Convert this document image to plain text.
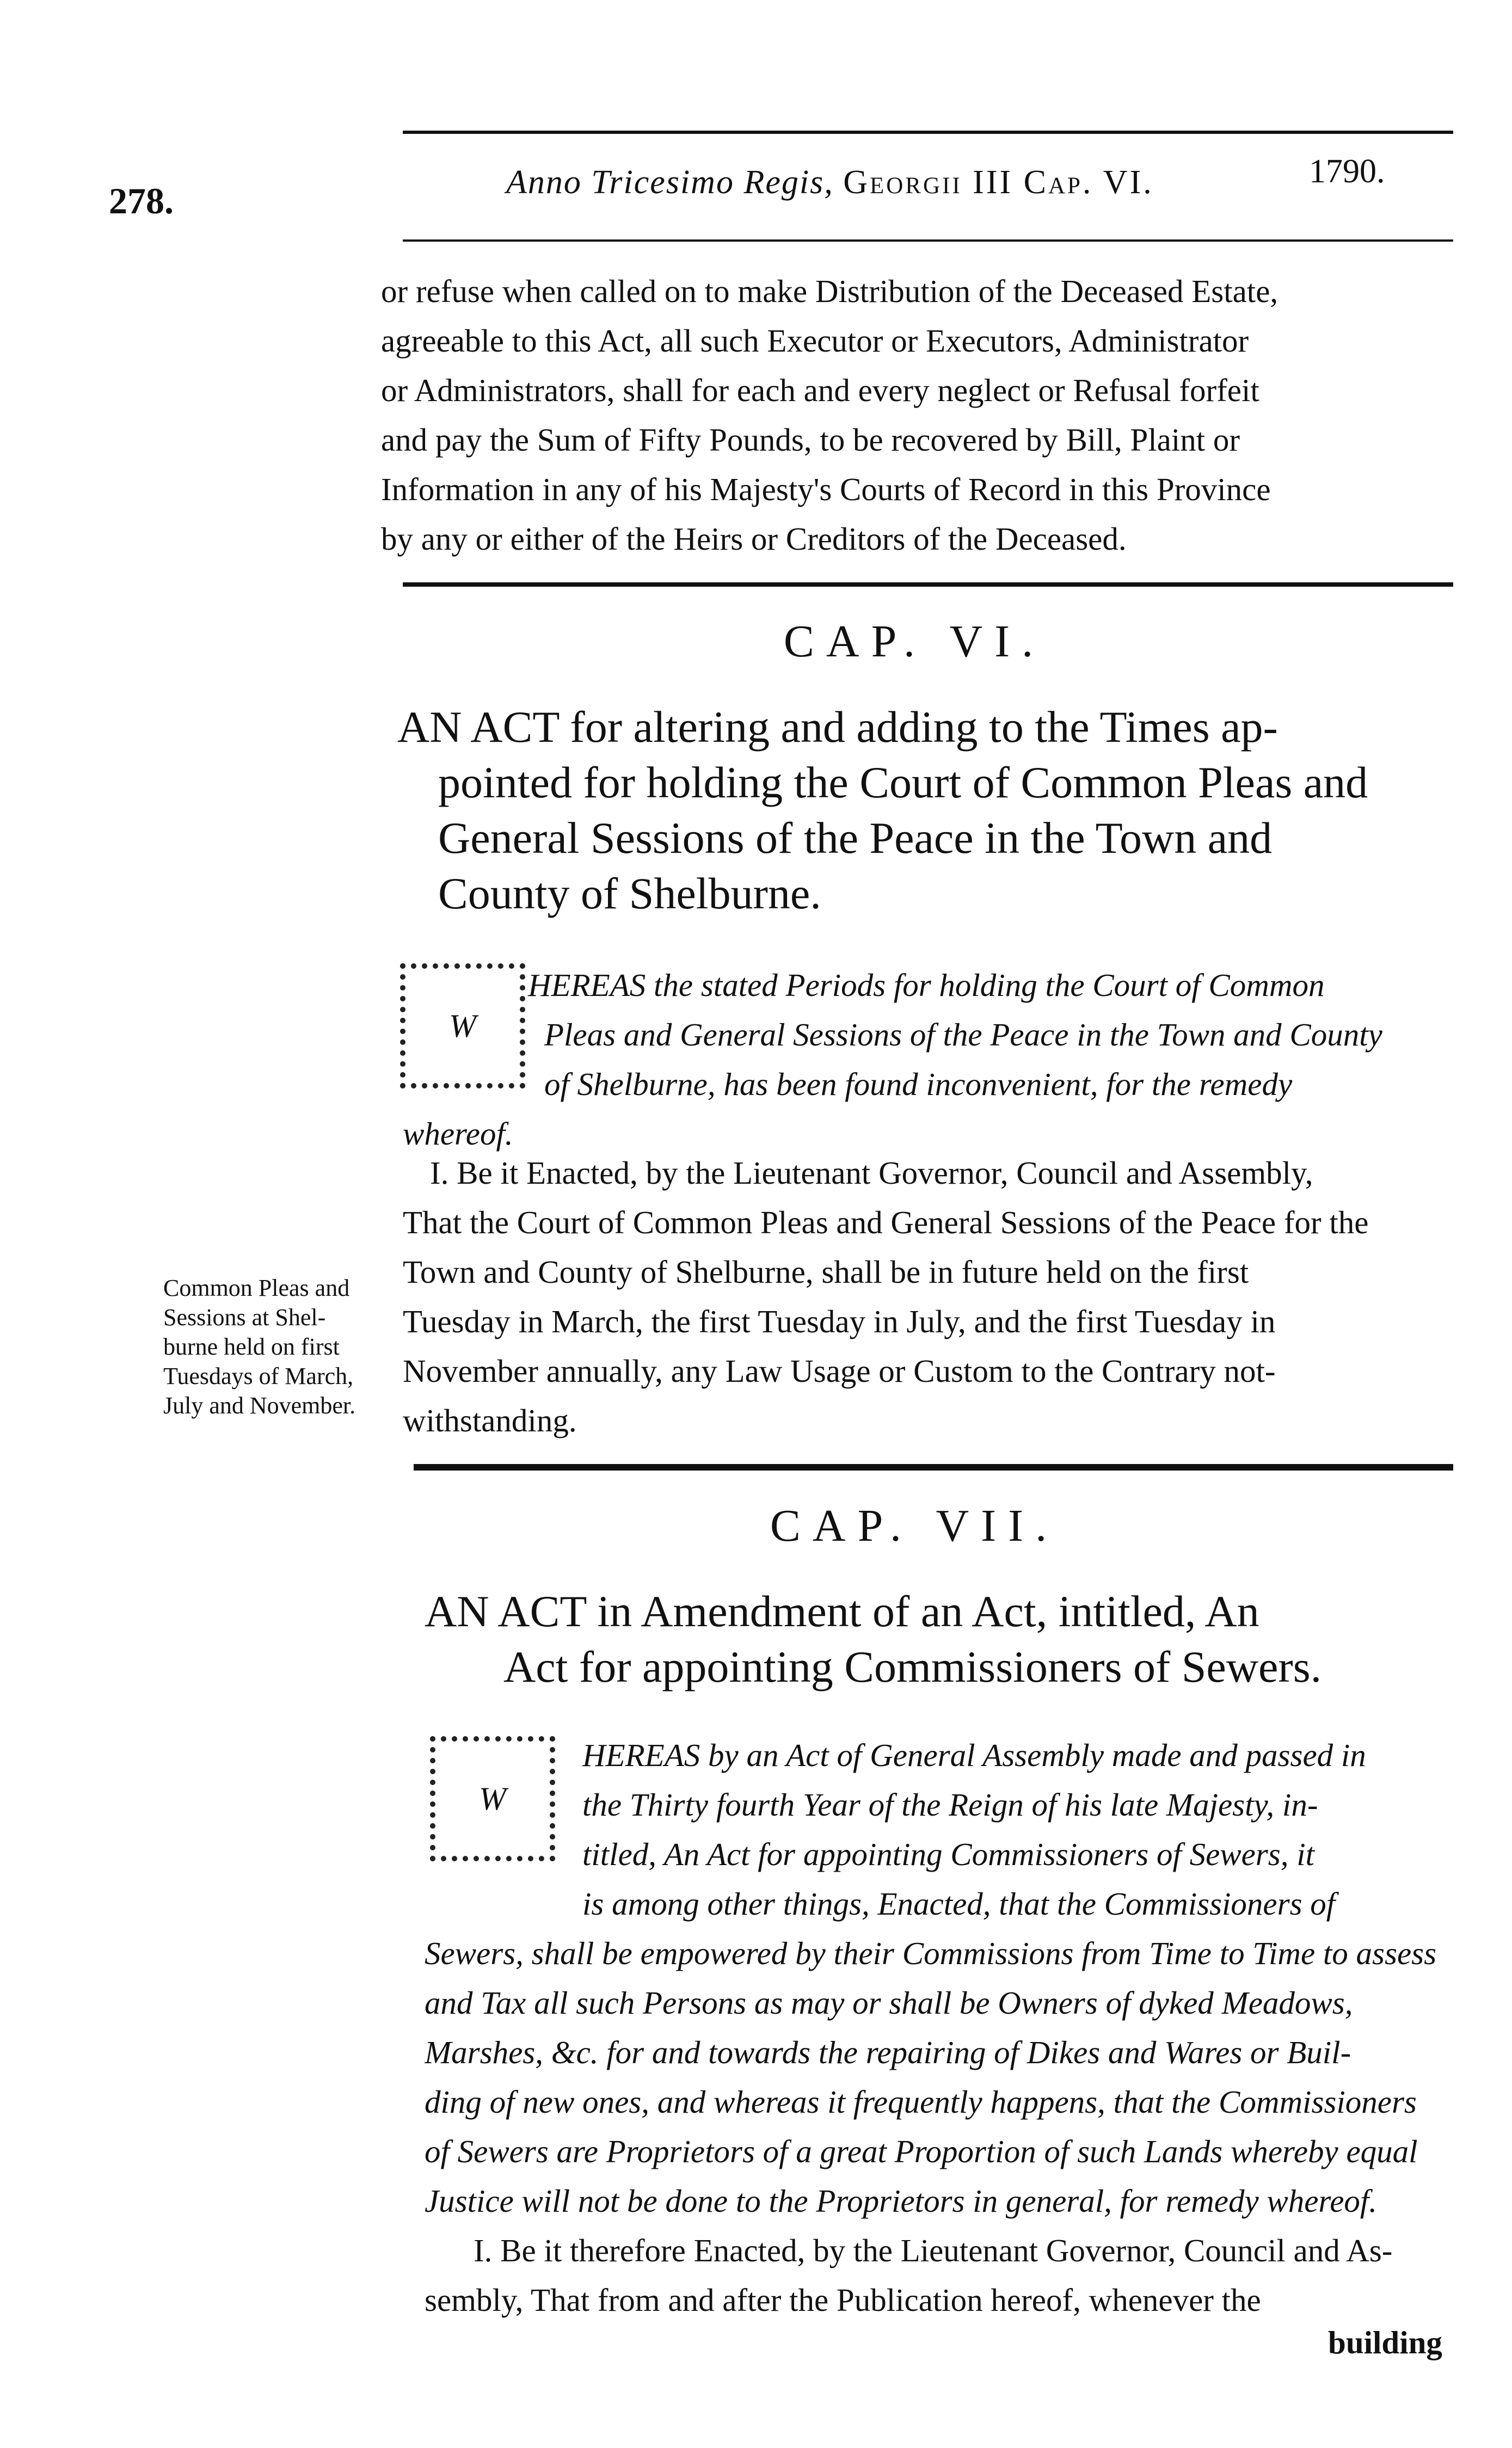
278.	Anno Tricesimo Regis, Georgii III Cap. VI.	1790.
or refuse when called on to make Distribution of the Deceased Estate,
agreeable to this Act, all such Executor or Executors, Administrator
or Administrators, shall for each and every neglect or Refusal forfeit
and pay the Sum of Fifty Pounds, to be recovered by Bill, Plaint or
Information in any of his Majesty's Courts of Record in this Province
by any or either of the Heirs or Creditors of the Deceased.
CAP. VI.
AN ACT for altering and adding to the Times ap-
pointed for holding the Court of Common Pleas and
General Sessions of the Peace in the Town and
County of Shelburne.
W
HEREAS the stated Periods for holding the Court of Common
Pleas and General Sessions of the Peace in the Town and County
of Shelburne, has been found inconvenient, for the remedy
whereof.
I. Be it Enacted, by the Lieutenant Governor, Council and Assembly,
That the Court of Common Pleas and General Sessions of the Peace for the
Town and County of Shelburne, shall be in future held on the first
Tuesday in March, the first Tuesday in July, and the first Tuesday in
November annually, any Law Usage or Custom to the Contrary not-
withstanding.
Common Pleas and
Sessions at Shel-
burne held on first
Tuesdays of March,
July and November.
CAP. VII.
AN ACT in Amendment of an Act, intitled, An
Act for appointing Commissioners of Sewers.
W
HEREAS by an Act of General Assembly made and passed in
the Thirty fourth Year of the Reign of his late Majesty, in-
titled, An Act for appointing Commissioners of Sewers, it
is among other things, Enacted, that the Commissioners of
Sewers, shall be empowered by their Commissions from Time to Time to assess
and Tax all such Persons as may or shall be Owners of dyked Meadows,
Marshes, &c. for and towards the repairing of Dikes and Wares or Buil-
ding of new ones, and whereas it frequently happens, that the Commissioners
of Sewers are Proprietors of a great Proportion of such Lands whereby equal
Justice will not be done to the Proprietors in general, for remedy whereof.
I. Be it therefore Enacted, by the Lieutenant Governor, Council and As-
sembly, That from and after the Publication hereof, whenever the
building
